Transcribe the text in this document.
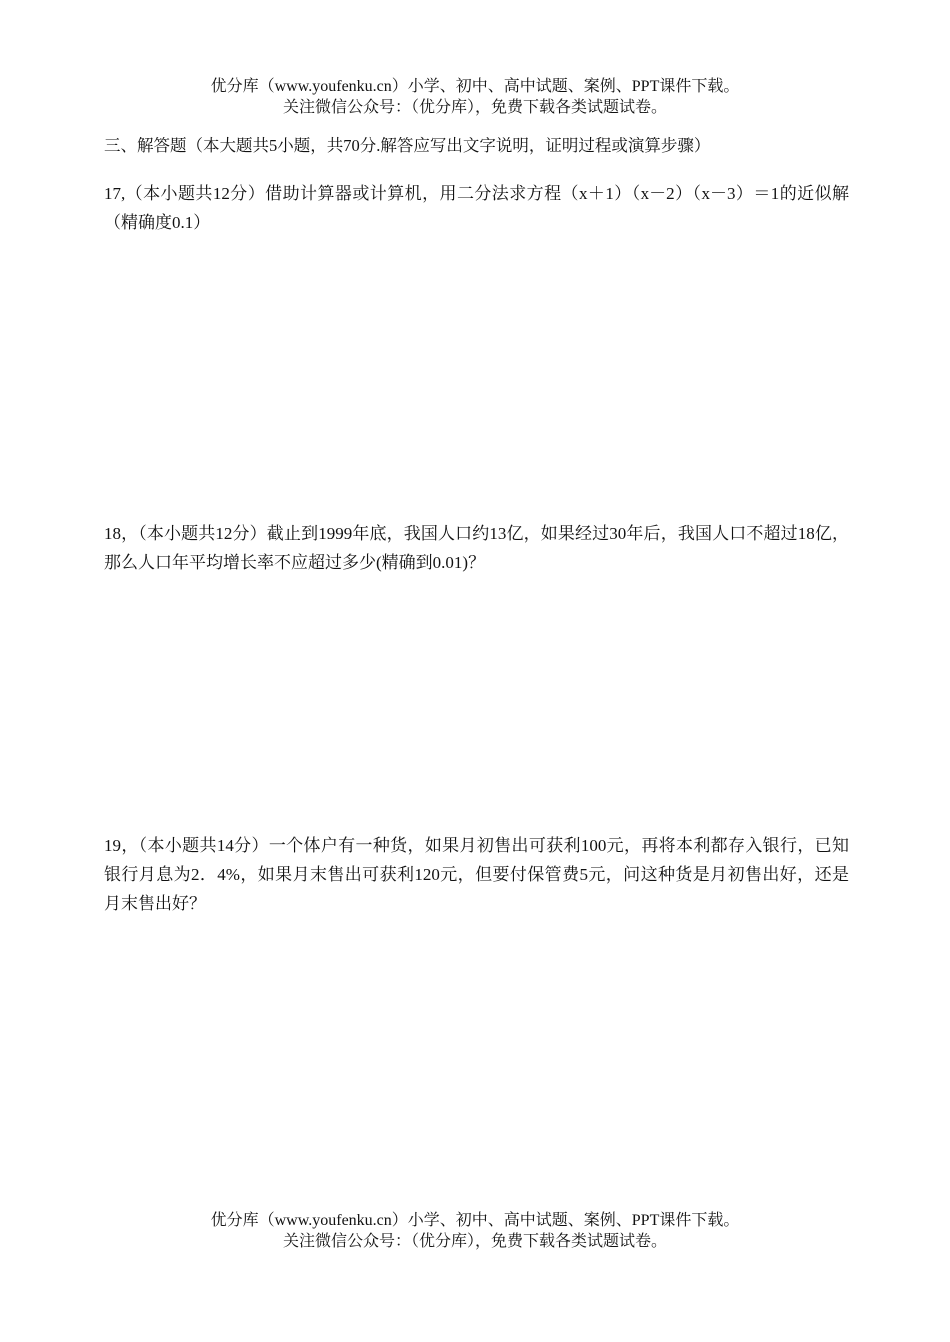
优分库（www.youfenku.cn）小学、初中、高中试题、案例、PPT课件下载。
关注微信公众号：（优分库），免费下载各类试题试卷。
三、解答题（本大题共5小题，共70分.解答应写出文字说明，证明过程或演算步骤）
17,（本小题共12分）借助计算器或计算机，用二分法求方程（x＋1）（x－2）（x－3）＝1的近似解（精确度0.1）
18，（本小题共12分）截止到1999年底，我国人口约13亿，如果经过30年后，我国人口不超过18亿，那么人口年平均增长率不应超过多少(精确到0.01)？
19，（本小题共14分）一个体户有一种货，如果月初售出可获利100元，再将本利都存入银行，已知银行月息为2．4%，如果月末售出可获利120元，但要付保管费5元，问这种货是月初售出好，还是月末售出好？
优分库（www.youfenku.cn）小学、初中、高中试题、案例、PPT课件下载。
关注微信公众号：（优分库），免费下载各类试题试卷。
